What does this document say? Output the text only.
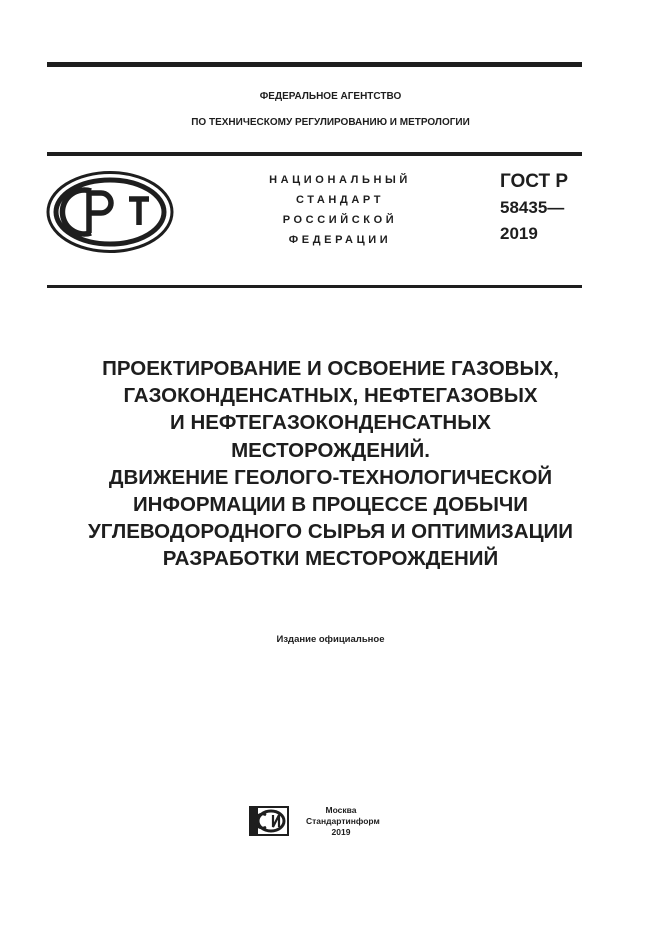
ФЕДЕРАЛЬНОЕ АГЕНТСТВО
ПО ТЕХНИЧЕСКОМУ РЕГУЛИРОВАНИЮ И МЕТРОЛОГИИ
НАЦИОНАЛЬНЫЙ
СТАНДАРТ
РОССИЙСКОЙ
ФЕДЕРАЦИИ
ГОСТ Р
58435—
2019
ПРОЕКТИРОВАНИЕ И ОСВОЕНИЕ ГАЗОВЫХ,
ГАЗОКОНДЕНСАТНЫХ, НЕФТЕГАЗОВЫХ
И НЕФТЕГАЗОКОНДЕНСАТНЫХ
МЕСТОРОЖДЕНИЙ.
ДВИЖЕНИЕ ГЕОЛОГО-ТЕХНОЛОГИЧЕСКОЙ
ИНФОРМАЦИИ В ПРОЦЕССЕ ДОБЫЧИ
УГЛЕВОДОРОДНОГО СЫРЬЯ И ОПТИМИЗАЦИИ
РАЗРАБОТКИ МЕСТОРОЖДЕНИЙ
Издание официальное
Москва
Стандартинформ
2019
